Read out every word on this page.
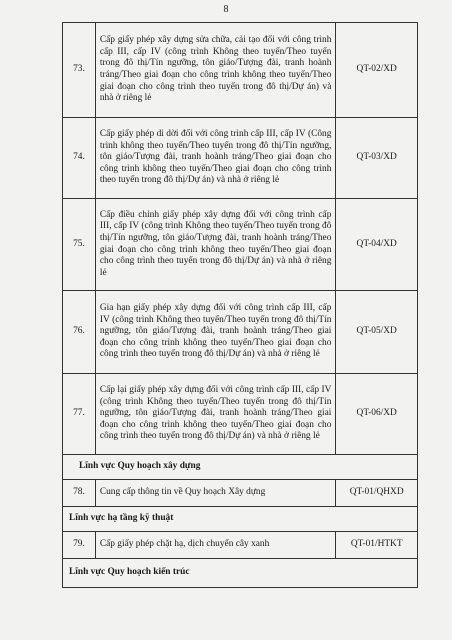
8
73.	Cấp giấy phép xây dựng sửa chữa, cải tạo đối với công trình cấp III, cấp IV (công trình Không theo tuyến/Theo tuyến trong đô thị/Tín ngưỡng, tôn giáo/Tượng đài, tranh hoành tráng/Theo giai đoạn cho công trình không theo tuyến/Theo giai đoạn cho công trình theo tuyến trong đô thị/Dự án) và nhà ở riêng lẻ	QT-02/XD
74.	Cấp giấy phép di dời đối với công trình cấp III, cấp IV (Công trình không theo tuyến/Theo tuyến trong đô thị/Tín ngưỡng, tôn giáo/Tượng đài, tranh hoành tráng/Theo giai đoạn cho công trình không theo tuyến/Theo giai đoạn cho công trình theo tuyến trong đô thị/Dự án) và nhà ở riêng lẻ	QT-03/XD
75.	Cấp điều chỉnh giấy phép xây dựng đối với công trình cấp III, cấp IV (công trình Không theo tuyến/Theo tuyến trong đô thị/Tín ngưỡng, tôn giáo/Tượng đài, tranh hoành tráng/Theo giai đoạn cho công trình không theo tuyến/Theo giai đoạn cho công trình theo tuyến trong đô thị/Dự án) và nhà ở riêng lẻ	QT-04/XD
76.	Gia hạn giấy phép xây dựng đối với công trình cấp III, cấp IV (công trình Không theo tuyến/Theo tuyến trong đô thị/Tín ngưỡng, tôn giáo/Tượng đài, tranh hoành tráng/Theo giai đoạn cho công trình không theo tuyến/Theo giai đoạn cho công trình theo tuyến trong đô thị/Dự án) và nhà ở riêng lẻ	QT-05/XD
77.	Cấp lại giấy phép xây dựng đối với công trình cấp III, cấp IV (công trình Không theo tuyến/Theo tuyến trong đô thị/Tín ngưỡng, tôn giáo/Tượng đài, tranh hoành tráng/Theo giai đoạn cho công trình không theo tuyến/Theo giai đoạn cho công trình theo tuyến trong đô thị/Dự án) và nhà ở riêng lẻ	QT-06/XD
Lĩnh vực Quy hoạch xây dựng		
78.	Cung cấp thông tin về Quy hoạch Xây dựng	QT-01/QHXD
Lĩnh vực hạ tầng kỹ thuật		
79.	Cấp giấy phép chặt hạ, dịch chuyển cây xanh	QT-01/HTKT
Lĩnh vực Quy hoạch kiến trúc		
